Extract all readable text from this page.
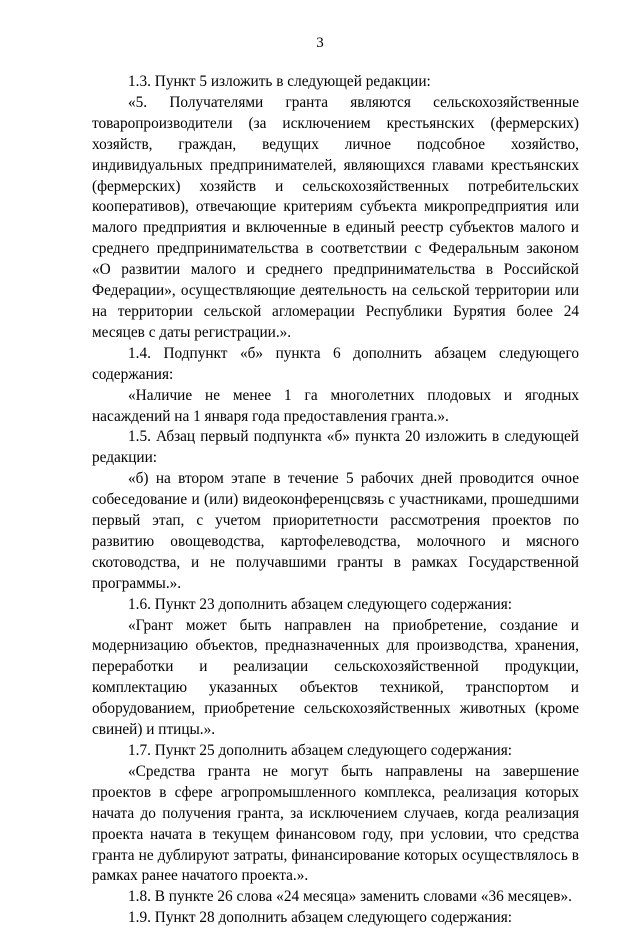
3

1.3. Пункт 5 изложить в следующей редакции:

«5. Получателями гранта являются сельскохозяйственные товаропроизводители (за исключением крестьянских (фермерских) хозяйств, граждан, ведущих личное подсобное хозяйство, индивидуальных предпринимателей, являющихся главами крестьянских (фермерских) хозяйств и сельскохозяйственных потребительских кооперативов), отвечающие критериям субъекта микропредприятия или малого предприятия и включенные в единый реестр субъектов малого и среднего предпринимательства в соответствии с Федеральным законом «О развитии малого и среднего предпринимательства в Российской Федерации», осуществляющие деятельность на сельской территории или на территории сельской агломерации Республики Бурятия более 24 месяцев с даты регистрации.».

1.4. Подпункт «б» пункта 6 дополнить абзацем следующего содержания:

«Наличие не менее 1 га многолетних плодовых и ягодных насаждений на 1 января года предоставления гранта.».

1.5. Абзац первый подпункта «б» пункта 20 изложить в следующей редакции:

«б) на втором этапе в течение 5 рабочих дней проводится очное собеседование и (или) видеоконференцсвязь с участниками, прошедшими первый этап, с учетом приоритетности рассмотрения проектов по развитию овощеводства, картофелеводства, молочного и мясного скотоводства, и не получавшими гранты в рамках Государственной программы.».

1.6. Пункт 23 дополнить абзацем следующего содержания:

«Грант может быть направлен на приобретение, создание и модернизацию объектов, предназначенных для производства, хранения, переработки и реализации сельскохозяйственной продукции, комплектацию указанных объектов техникой, транспортом и оборудованием, приобретение сельскохозяйственных животных (кроме свиней) и птицы.».

1.7. Пункт 25 дополнить абзацем следующего содержания:

«Средства гранта не могут быть направлены на завершение проектов в сфере агропромышленного комплекса, реализация которых начата до получения гранта, за исключением случаев, когда реализация проекта начата в текущем финансовом году, при условии, что средства гранта не дублируют затраты, финансирование которых осуществлялось в рамках ранее начатого проекта.».

1.8. В пункте 26 слова «24 месяца» заменить словами «36 месяцев».

1.9. Пункт 28 дополнить абзацем следующего содержания:
